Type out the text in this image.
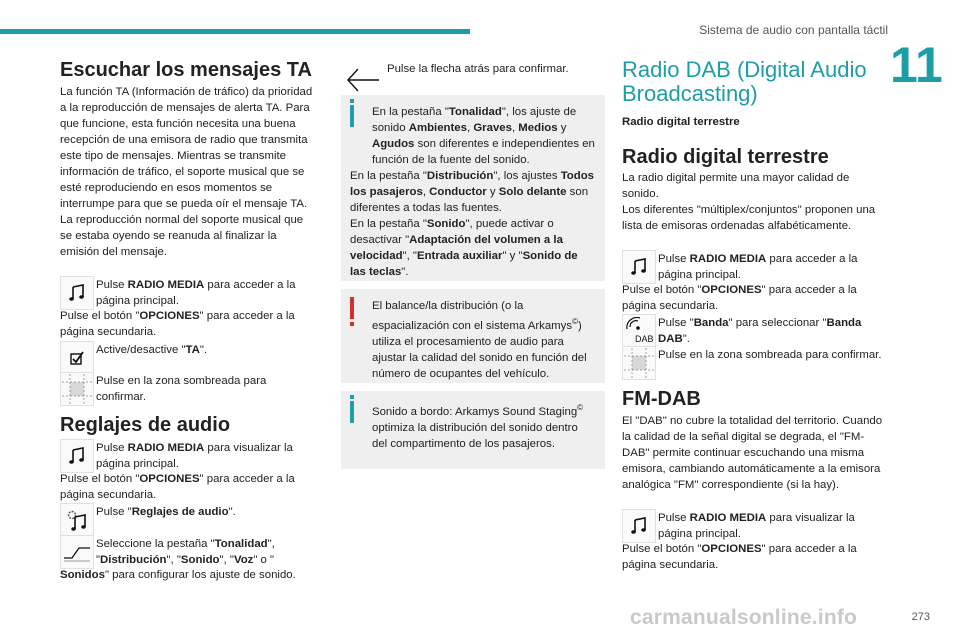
Sistema de audio con pantalla táctil
11
Escuchar los mensajes TA

La función TA (Información de tráfico) da prioridad a la reproducción de mensajes de alerta TA. Para que funcione, esta función necesita una buena recepción de una emisora de radio que transmita este tipo de mensajes. Mientras se transmite información de tráfico, el soporte musical que se esté reproduciendo en esos momentos se interrumpe para que se pueda oír el mensaje TA. La reproducción normal del soporte musical que se estaba oyendo se reanuda al finalizar la emisión del mensaje.

Pulse RADIO MEDIA para acceder a la página principal.

Pulse el botón "OPCIONES" para acceder a la página secundaria.

Active/desactive "TA".
Pulse en la zona sombreada para confirmar.
Reglajes de audio
Pulse RADIO MEDIA para visualizar la página principal.

Pulse el botón "OPCIONES" para acceder a la página secundaria.

Pulse "Reglajes de audio".
Seleccione la pestaña "Tonalidad", "Distribución", "Sonido", "Voz" o "

Sonidos" para configurar los ajuste de sonido.

Pulse la flecha atrás para confirmar.

En la pestaña "Tonalidad", los ajuste de sonido Ambientes, Graves, Medios y Agudos son diferentes e independientes en función de la fuente del sonido.

En la pestaña "Distribución", los ajustes Todos los pasajeros, Conductor y Solo delante son diferentes a todas las fuentes.

En la pestaña "Sonido", puede activar o desactivar "Adaptación del volumen a la velocidad", "Entrada auxiliar" y "Sonido de las teclas".

El balance/la distribución (o la espacialización con el sistema Arkamys©) utiliza el procesamiento de audio para ajustar la calidad del sonido en función del número de ocupantes del vehículo.

Sonido a bordo: Arkamys Sound Staging© optimiza la distribución del sonido dentro del compartimento de los pasajeros.

Radio DAB (Digital Audio Broadcasting)
Radio digital terrestre
Radio digital terrestre

La radio digital permite una mayor calidad de sonido.

Los diferentes "múltiplex/conjuntos" proponen una lista de emisoras ordenadas alfabéticamente.

Pulse RADIO MEDIA para acceder a la página principal.

Pulse el botón "OPCIONES" para acceder a la página secundaria.

DAB
Pulse "Banda" para seleccionar "Banda DAB".
Pulse en la zona sombreada para confirmar.
FM-DAB

El "DAB" no cubre la totalidad del territorio. Cuando la calidad de la señal digital se degrada, el "FM-DAB" permite continuar escuchando una misma emisora, cambiando automáticamente a la emisora analógica "FM" correspondiente (si la hay).

Pulse RADIO MEDIA para visualizar la página principal.

Pulse el botón "OPCIONES" para acceder a la página secundaria.

carmanualsonline.info	273
